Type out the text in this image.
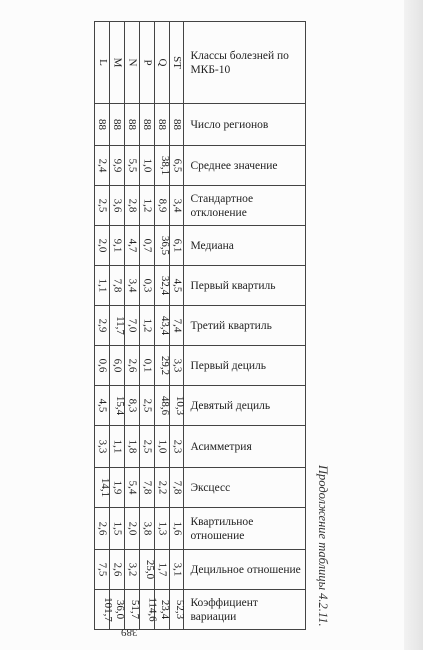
L	M	N	P	Q	ST	Классы болезней по МКБ-10
88	88	88	88	88	88	Число регионов
2,4	9,9	5,5	1,0	38,1	6,5	Среднее значение
2,5	3,6	2,8	1,2	8,9	3,4	Стандартное отклонение
2,0	9,1	4,7	0,7	36,5	6,1	Медиана
1,1	7,8	3,4	0,3	32,4	4,5	Первый квартиль
2,9	11,7	7,0	1,2	43,4	7,4	Третий квартиль
0,6	6,0	2,6	0,1	29,2	3,3	Первый дециль
4,5	15,4	8,3	2,5	48,6	10,3	Девятый дециль
3,3	1,1	1,8	2,5	1,0	2,3	Асимметрия
14,1	1,9	5,4	7,8	2,2	7,8	Эксцесс
2,6	1,5	2,0	3,8	1,3	1,6	Квартильное отношение
7,5	2,6	3,2	25,0	1,7	3,1	Децильное отношение
101,7	36,0	51,7	114,6	23,4	52,3	Коэффициент вариации	Продолжение таблицы 4.2.11.
389
